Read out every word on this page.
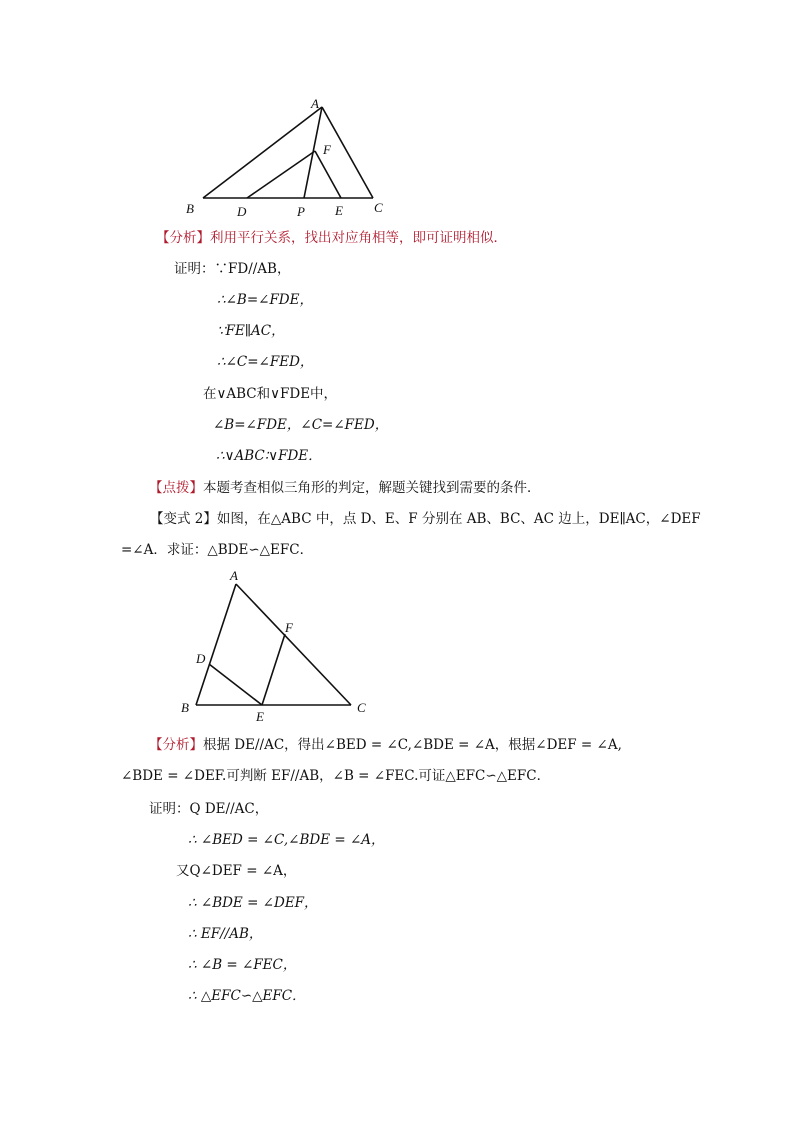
A
F
B	D	P E C
【分析】利用平行关系，找出对应角相等，即可证明相似．
证明：∵FD//AB，
∴∠B=∠FDE，
∵FE∥AC，
∴∠C=∠FED，
在∨ABC和∨FDE中，
∠B=∠FDE，∠C=∠FED，
∴∨ABC∶∨FDE．
【点拨】本题考查相似三角形的判定，解题关键找到需要的条件．
【变式 2】如图，在△ABC 中，点 D、E、F 分别在 AB、BC、AC 边上，DE∥AC，∠DEF
=∠A．求证：△BDE∽△EFC．
A
F
D
B
E
C
【分析】根据 DE//AC，得出∠BED = ∠C,∠BDE = ∠A，根据∠DEF = ∠A,
∠BDE = ∠DEF.可判断 EF//AB，∠B = ∠FEC.可证△EFC∽△EFC．
证明：Q DE//AC，
∴ ∠BED = ∠C,∠BDE = ∠A，
又Q∠DEF = ∠A，
∴ ∠BDE = ∠DEF，
∴ EF//AB，
∴ ∠B = ∠FEC，
∴ △EFC∽△EFC．
